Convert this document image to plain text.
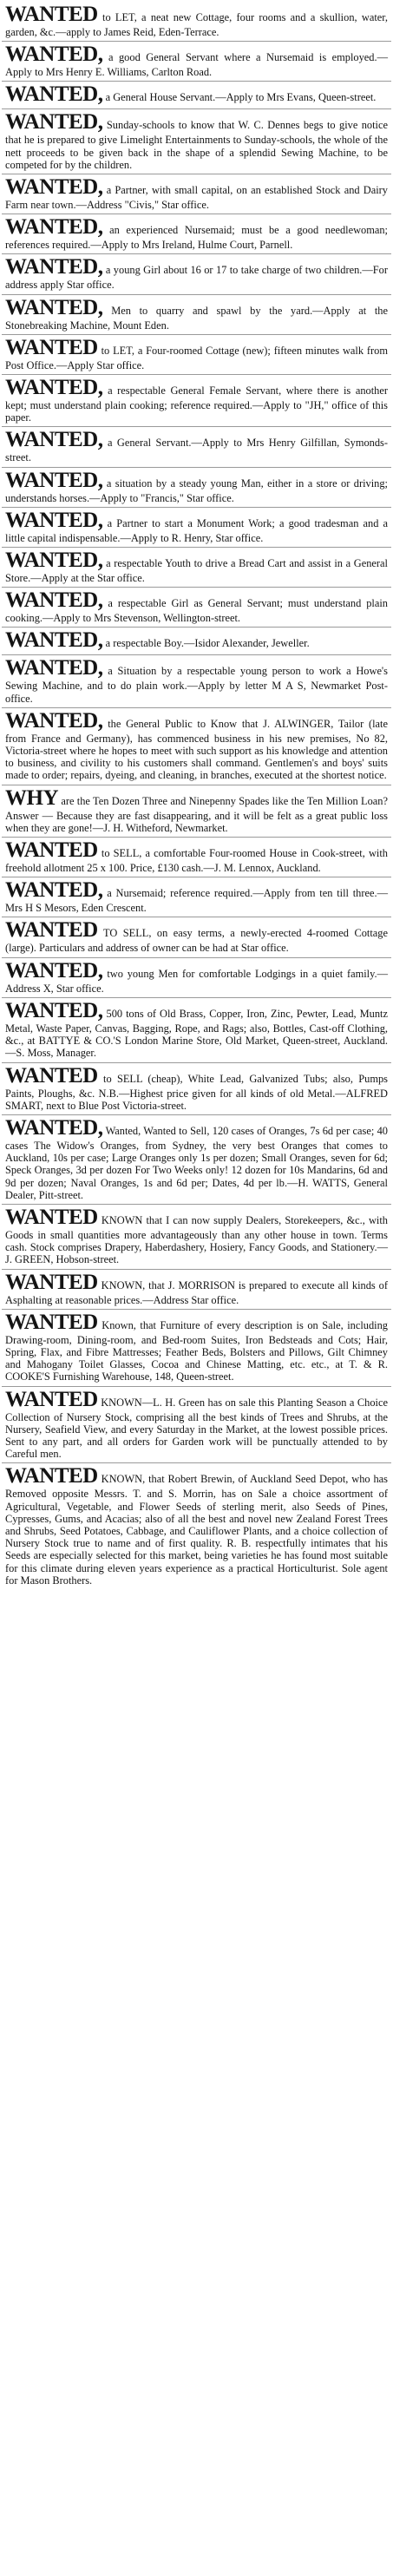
WANTED to LET, a neat new Cottage, four rooms and a skullion, water, garden, &c.—apply to James Reid, Eden-Terrace.

WANTED, a good General Servant where a Nursemaid is employed.—Apply to Mrs Henry E. Williams, Carlton Road.

WANTED, a General House Servant.—Apply to Mrs Evans, Queen-street.

WANTED, Sunday-schools to know that W. C. Dennes begs to give notice that he is prepared to give Limelight Entertainments to Sunday-schools, the whole of the nett proceeds to be given back in the shape of a splendid Sewing Machine, to be competed for by the children.

WANTED, a Partner, with small capital, on an established Stock and Dairy Farm near town.—Address "Civis," Star office.

WANTED, an experienced Nursemaid; must be a good needlewoman; references required.—Apply to Mrs Ireland, Hulme Court, Parnell.

WANTED, a young Girl about 16 or 17 to take charge of two children.—For address apply Star office.

WANTED, Men to quarry and spawl by the yard.—Apply at the Stonebreaking Machine, Mount Eden.

WANTED to LET, a Four-roomed Cottage (new); fifteen minutes walk from Post Office.—Apply Star office.

WANTED, a respectable General Female Servant, where there is another kept; must understand plain cooking; reference required.—Apply to "JH," office of this paper.

WANTED, a General Servant.—Apply to Mrs Henry Gilfillan, Symonds-street.

WANTED, a situation by a steady young Man, either in a store or driving; understands horses.—Apply to "Francis," Star office.

WANTED, a Partner to start a Monument Work; a good tradesman and a little capital indispensable.—Apply to R. Henry, Star office.

WANTED, a respectable Youth to drive a Bread Cart and assist in a General Store.—Apply at the Star office.

WANTED, a respectable Girl as General Servant; must understand plain cooking.—Apply to Mrs Stevenson, Wellington-street.

WANTED, a respectable Boy.—Isidor Alexander, Jeweller.

WANTED, a Situation by a respectable young person to work a Howe's Sewing Machine, and to do plain work.—Apply by letter M A S, Newmarket Post-office.

WANTED, the General Public to Know that J. ALWINGER, Tailor (late from France and Germany), has commenced business in his new premises, No 82, Victoria-street where he hopes to meet with such support as his knowledge and attention to business, and civility to his customers shall command. Gentlemen's and boys' suits made to order; repairs, dyeing, and cleaning, in branches, executed at the shortest notice.

WHY are the Ten Dozen Three and Ninepenny Spades like the Ten Million Loan? Answer — Because they are fast disappearing, and it will be felt as a great public loss when they are gone!—J. H. Witheford, Newmarket.

WANTED to SELL, a comfortable Four-roomed House in Cook-street, with freehold allotment 25 x 100. Price, £130 cash.—J. M. Lennox, Auckland.

WANTED, a Nursemaid; reference required.—Apply from ten till three.—Mrs H S Mesors, Eden Crescent.

WANTED TO SELL, on easy terms, a newly-erected 4-roomed Cottage (large). Particulars and address of owner can be had at Star office.

WANTED, two young Men for comfortable Lodgings in a quiet family.—Address X, Star office.

WANTED, 500 tons of Old Brass, Copper, Iron, Zinc, Pewter, Lead, Muntz Metal, Waste Paper, Canvas, Bagging, Rope, and Rags; also, Bottles, Cast-off Clothing, &c., at BATTYE & CO.'S London Marine Store, Old Market, Queen-street, Auckland.—S. Moss, Manager.

WANTED to SELL (cheap), White Lead, Galvanized Tubs; also, Pumps Paints, Ploughs, &c. N.B.—Highest price given for all kinds of old Metal.—ALFRED SMART, next to Blue Post Victoria-street.

WANTED, Wanted, Wanted to Sell, 120 cases of Oranges, 7s 6d per case; 40 cases The Widow's Oranges, from Sydney, the very best Oranges that comes to Auckland, 10s per case; Large Oranges only 1s per dozen; Small Oranges, seven for 6d; Speck Oranges, 3d per dozen For Two Weeks only! 12 dozen for 10s Mandarins, 6d and 9d per dozen; Naval Oranges, 1s and 6d per; Dates, 4d per lb.—H. WATTS, General Dealer, Pitt-street.

WANTED KNOWN that I can now supply Dealers, Storekeepers, &c., with Goods in small quantities more advantageously than any other house in town. Terms cash. Stock comprises Drapery, Haberdashery, Hosiery, Fancy Goods, and Stationery.—J. GREEN, Hobson-street.

WANTED KNOWN, that J. MORRISON is prepared to execute all kinds of Asphalting at reasonable prices.—Address Star office.

WANTED Known, that Furniture of every description is on Sale, including Drawing-room, Dining-room, and Bed-room Suites, Iron Bedsteads and Cots; Hair, Spring, Flax, and Fibre Mattresses; Feather Beds, Bolsters and Pillows, Gilt Chimney and Mahogany Toilet Glasses, Cocoa and Chinese Matting, etc. etc., at T. & R. COOKE'S Furnishing Warehouse, 148, Queen-street.

WANTED KNOWN—L. H. Green has on sale this Planting Season a Choice Collection of Nursery Stock, comprising all the best kinds of Trees and Shrubs, at the Nursery, Seafield View, and every Saturday in the Market, at the lowest possible prices. Sent to any part, and all orders for Garden work will be punctually attended to by Careful men.

WANTED KNOWN, that Robert Brewin, of Auckland Seed Depot, who has Removed opposite Messrs. T. and S. Morrin, has on Sale a choice assortment of Agricultural, Vegetable, and Flower Seeds of sterling merit, also Seeds of Pines, Cypresses, Gums, and Acacias; also of all the best and novel new Zealand Forest Trees and Shrubs, Seed Potatoes, Cabbage, and Cauliflower Plants, and a choice collection of Nursery Stock true to name and of first quality. R. B. respectfully intimates that his Seeds are especially selected for this market, being varieties he has found most suitable for this climate during eleven years experience as a practical Horticulturist. Sole agent for Mason Brothers.
